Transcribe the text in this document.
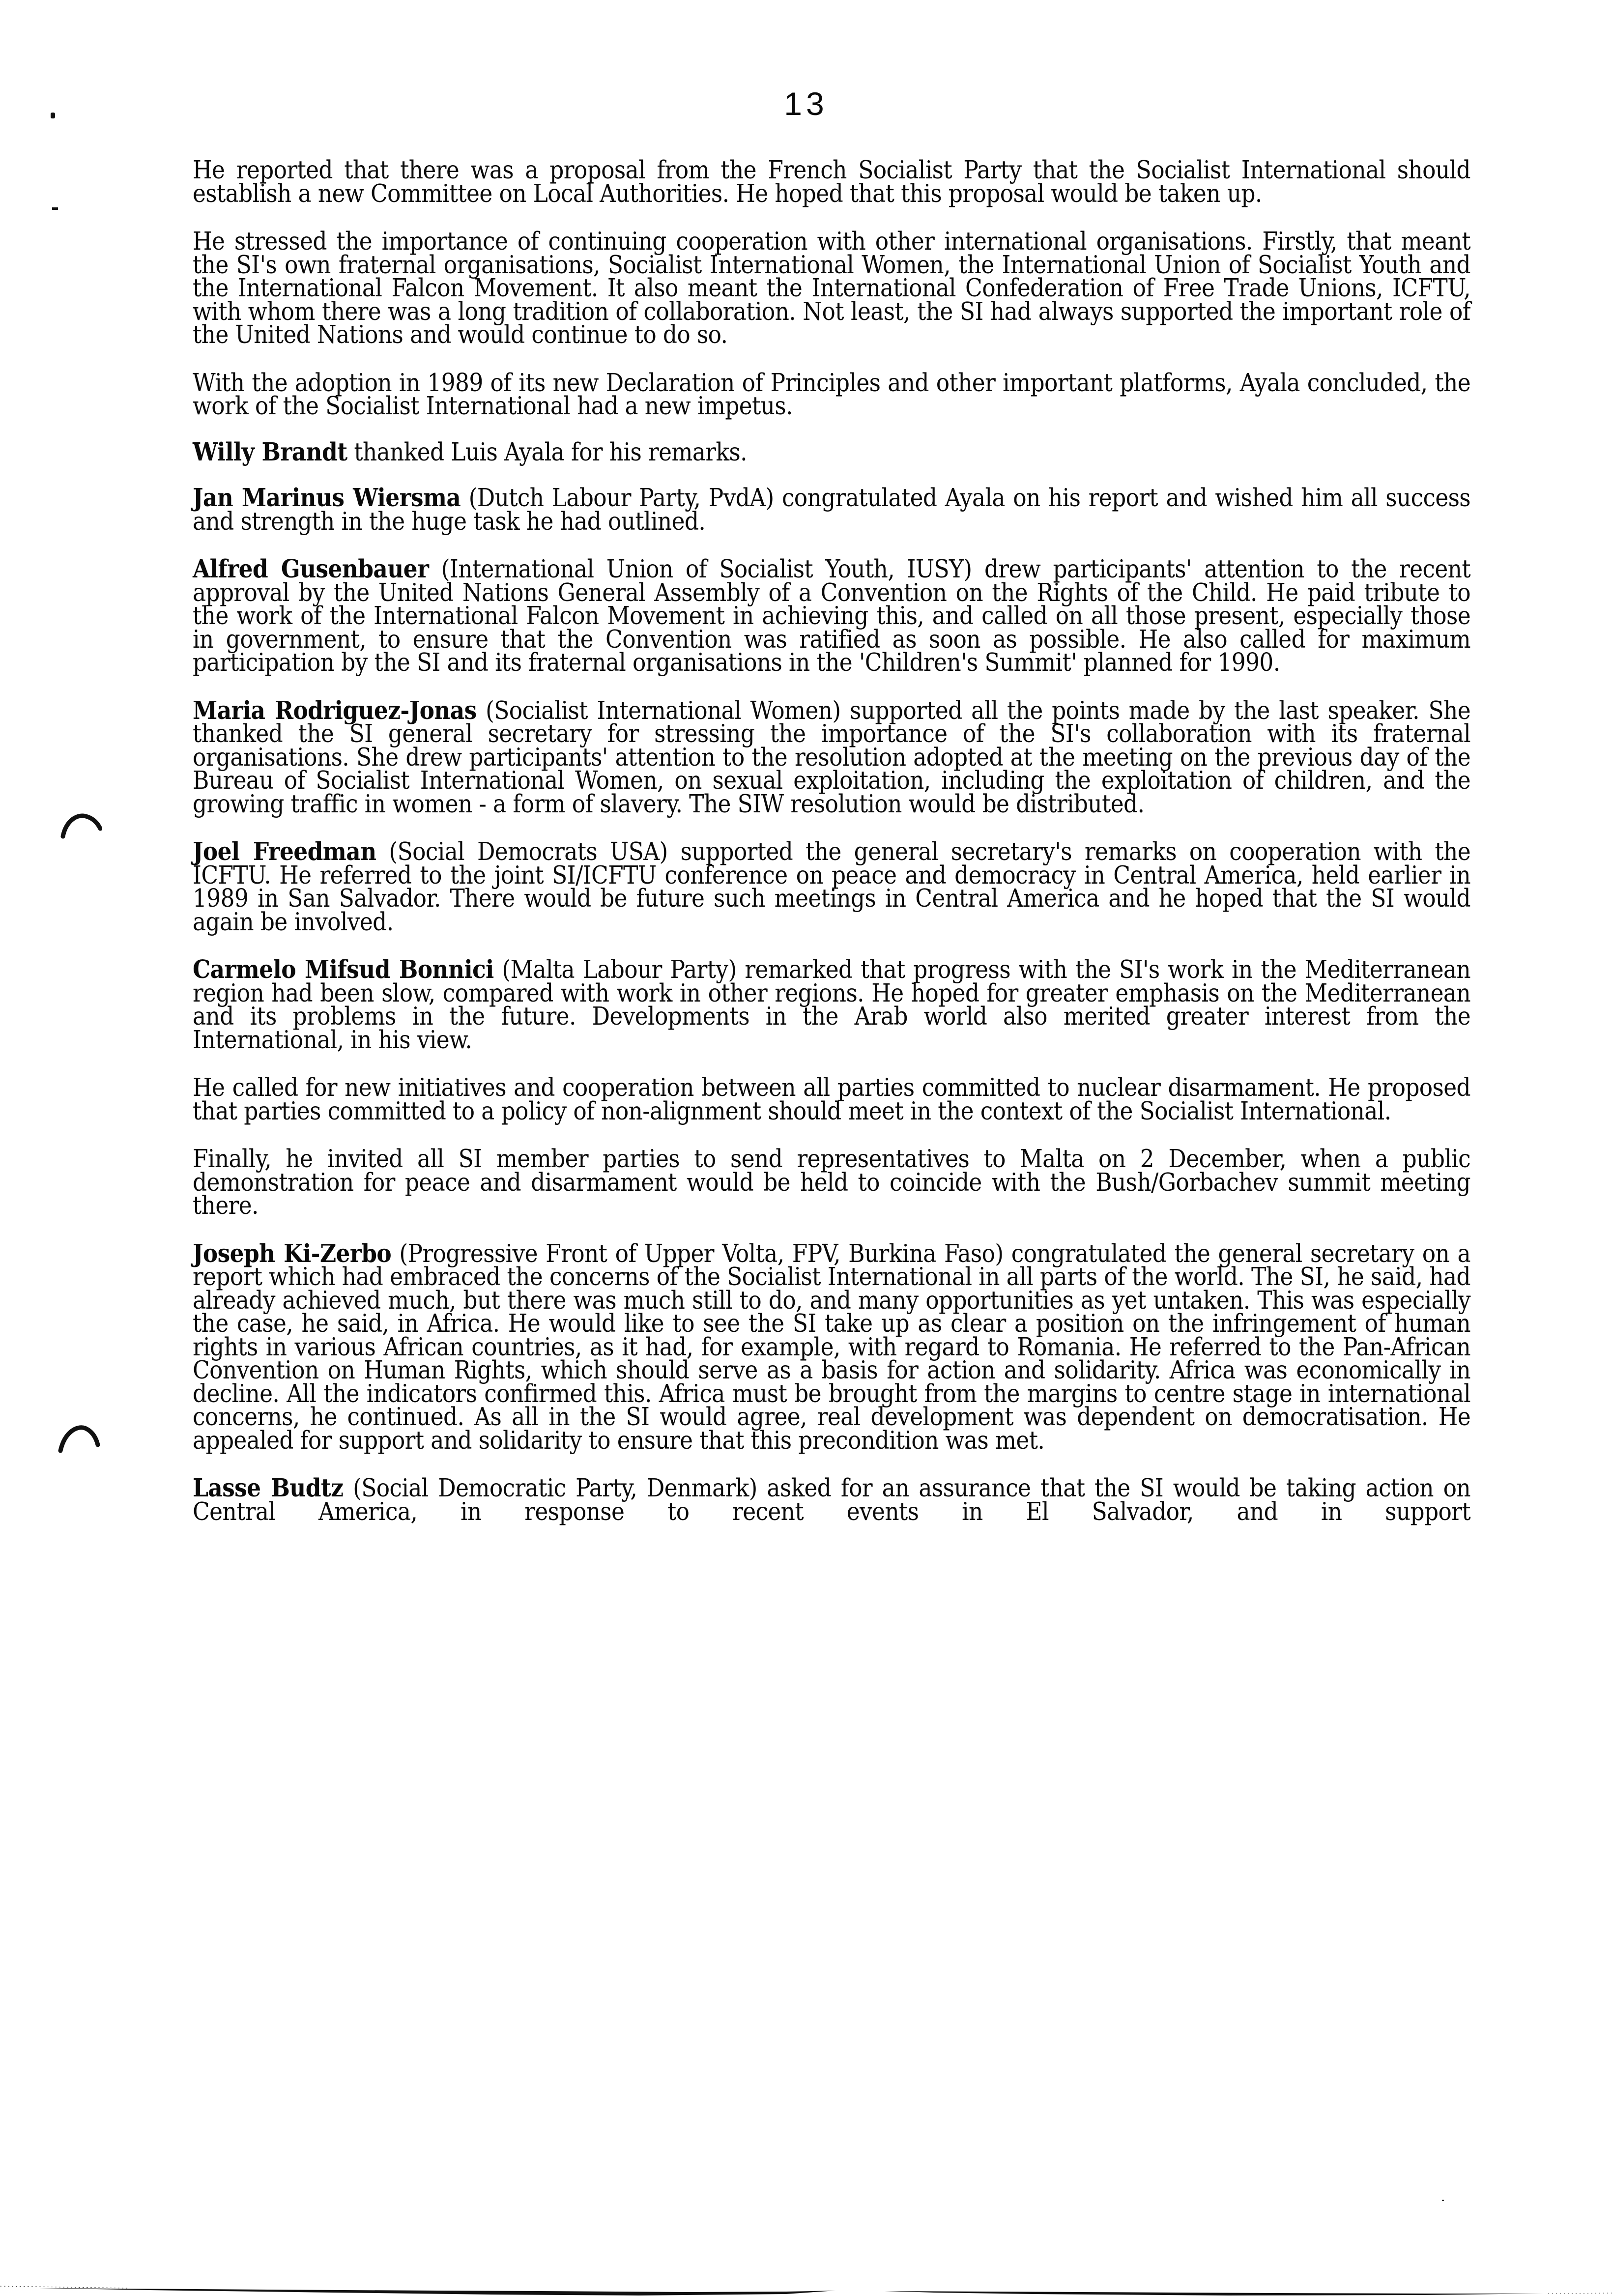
13

He reported that there was a proposal from the French Socialist Party that the Socialist International should establish a new Committee on Local Authorities. He hoped that this proposal would be taken up.

He stressed the importance of continuing cooperation with other international organisations. Firstly, that meant the SI's own fraternal organisations, Socialist International Women, the International Union of Socialist Youth and the International Falcon Movement. It also meant the International Confederation of Free Trade Unions, ICFTU, with whom there was a long tradition of collaboration. Not least, the SI had always supported the important role of the United Nations and would continue to do so.

With the adoption in 1989 of its new Declaration of Principles and other important platforms, Ayala concluded, the work of the Socialist International had a new impetus.

Willy Brandt thanked Luis Ayala for his remarks.

Jan Marinus Wiersma (Dutch Labour Party, PvdA) congratulated Ayala on his report and wished him all success and strength in the huge task he had outlined.

Alfred Gusenbauer (International Union of Socialist Youth, IUSY) drew participants' attention to the recent approval by the United Nations General Assembly of a Convention on the Rights of the Child. He paid tribute to the work of the International Falcon Movement in achieving this, and called on all those present, especially those in government, to ensure that the Convention was ratified as soon as possible. He also called for maximum participation by the SI and its fraternal organisations in the 'Children's Summit' planned for 1990.

Maria Rodriguez-Jonas (Socialist International Women) supported all the points made by the last speaker. She thanked the SI general secretary for stressing the importance of the SI's collaboration with its fraternal organisations. She drew participants' attention to the resolution adopted at the meeting on the previous day of the Bureau of Socialist International Women, on sexual exploitation, including the exploitation of children, and the growing traffic in women - a form of slavery. The SIW resolution would be distributed.

Joel Freedman (Social Democrats USA) supported the general secretary's remarks on cooperation with the ICFTU. He referred to the joint SI/ICFTU conference on peace and democracy in Central America, held earlier in 1989 in San Salvador. There would be future such meetings in Central America and he hoped that the SI would again be involved.

Carmelo Mifsud Bonnici (Malta Labour Party) remarked that progress with the SI's work in the Mediterranean region had been slow, compared with work in other regions. He hoped for greater emphasis on the Mediterranean and its problems in the future. Developments in the Arab world also merited greater interest from the International, in his view.

He called for new initiatives and cooperation between all parties committed to nuclear disarmament. He proposed that parties committed to a policy of non-alignment should meet in the context of the Socialist International.

Finally, he invited all SI member parties to send representatives to Malta on 2 December, when a public demonstration for peace and disarmament would be held to coincide with the Bush/Gorbachev summit meeting there.

Joseph Ki-Zerbo (Progressive Front of Upper Volta, FPV, Burkina Faso) congratulated the general secretary on a report which had embraced the concerns of the Socialist International in all parts of the world. The SI, he said, had already achieved much, but there was much still to do, and many opportunities as yet untaken. This was especially the case, he said, in Africa. He would like to see the SI take up as clear a position on the infringement of human rights in various African countries, as it had, for example, with regard to Romania. He referred to the Pan-African Convention on Human Rights, which should serve as a basis for action and solidarity. Africa was economically in decline. All the indicators confirmed this. Africa must be brought from the margins to centre stage in international concerns, he continued. As all in the SI would agree, real development was dependent on democratisation. He appealed for support and solidarity to ensure that this precondition was met.

Lasse Budtz (Social Democratic Party, Denmark) asked for an assurance that the SI would be taking action on Central America, in response to recent events in El Salvador, and in support
